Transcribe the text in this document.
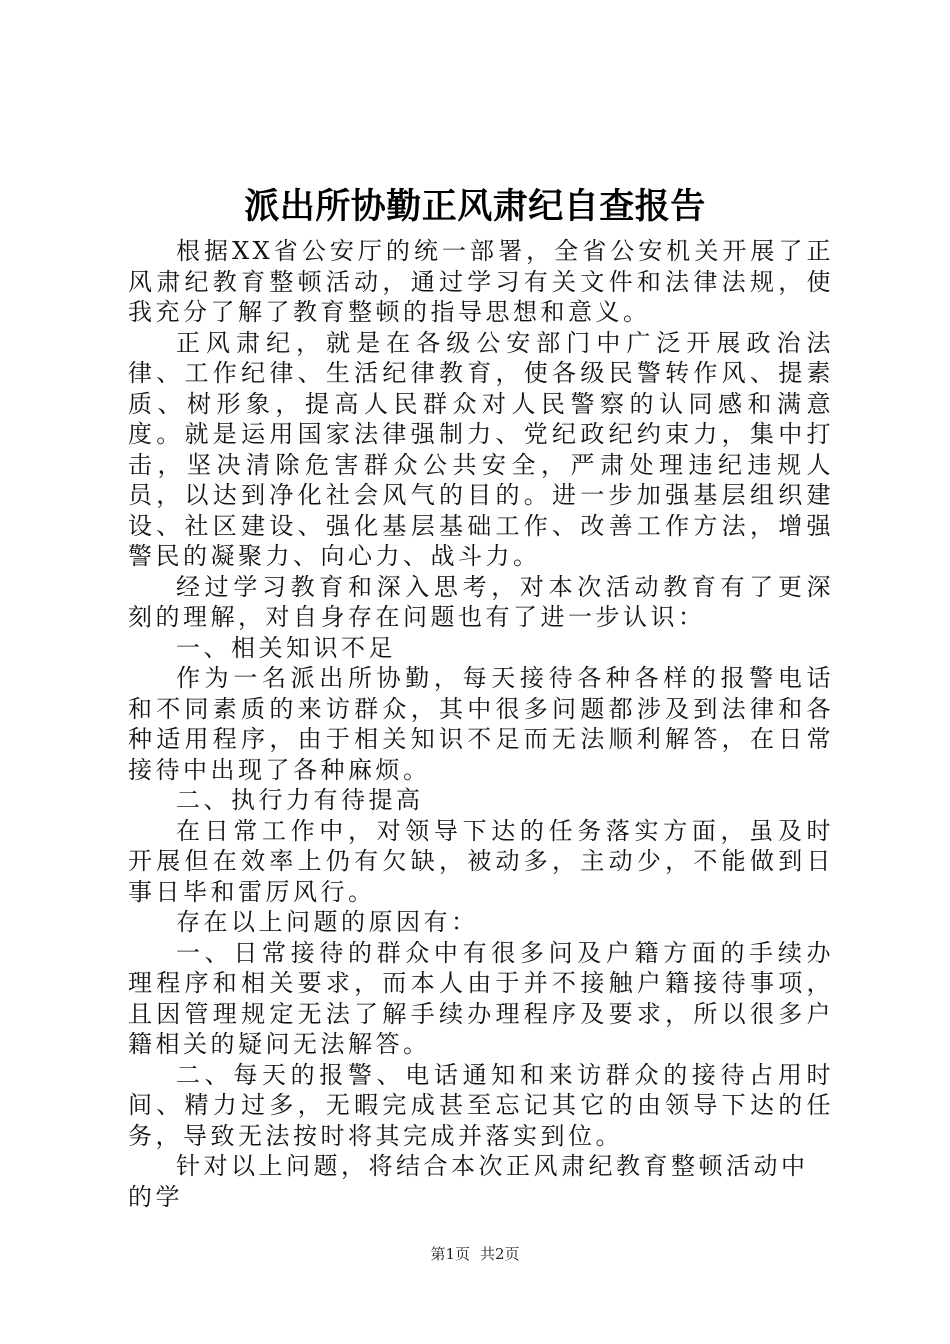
派出所协勤正风肃纪自查报告

根据XX省公安厅的统一部署，全省公安机关开展了正风肃纪教育整顿活动，通过学习有关文件和法律法规，使我充分了解了教育整顿的指导思想和意义。

正风肃纪，就是在各级公安部门中广泛开展政治法律、工作纪律、生活纪律教育，使各级民警转作风、提素质、树形象，提高人民群众对人民警察的认同感和满意度。就是运用国家法律强制力、党纪政纪约束力，集中打击，坚决清除危害群众公共安全，严肃处理违纪违规人员，以达到净化社会风气的目的。进一步加强基层组织建设、社区建设、强化基层基础工作、改善工作方法，增强警民的凝聚力、向心力、战斗力。

经过学习教育和深入思考，对本次活动教育有了更深刻的理解，对自身存在问题也有了进一步认识：

一、相关知识不足

作为一名派出所协勤，每天接待各种各样的报警电话和不同素质的来访群众，其中很多问题都涉及到法律和各种适用程序，由于相关知识不足而无法顺利解答，在日常接待中出现了各种麻烦。

二、执行力有待提高

在日常工作中，对领导下达的任务落实方面，虽及时开展但在效率上仍有欠缺，被动多，主动少，不能做到日事日毕和雷厉风行。

存在以上问题的原因有：

一、日常接待的群众中有很多问及户籍方面的手续办理程序和相关要求，而本人由于并不接触户籍接待事项，且因管理规定无法了解手续办理程序及要求，所以很多户籍相关的疑问无法解答。

二、每天的报警、电话通知和来访群众的接待占用时间、精力过多，无暇完成甚至忘记其它的由领导下达的任务，导致无法按时将其完成并落实到位。

针对以上问题，将结合本次正风肃纪教育整顿活动中的学

第1页 共2页
